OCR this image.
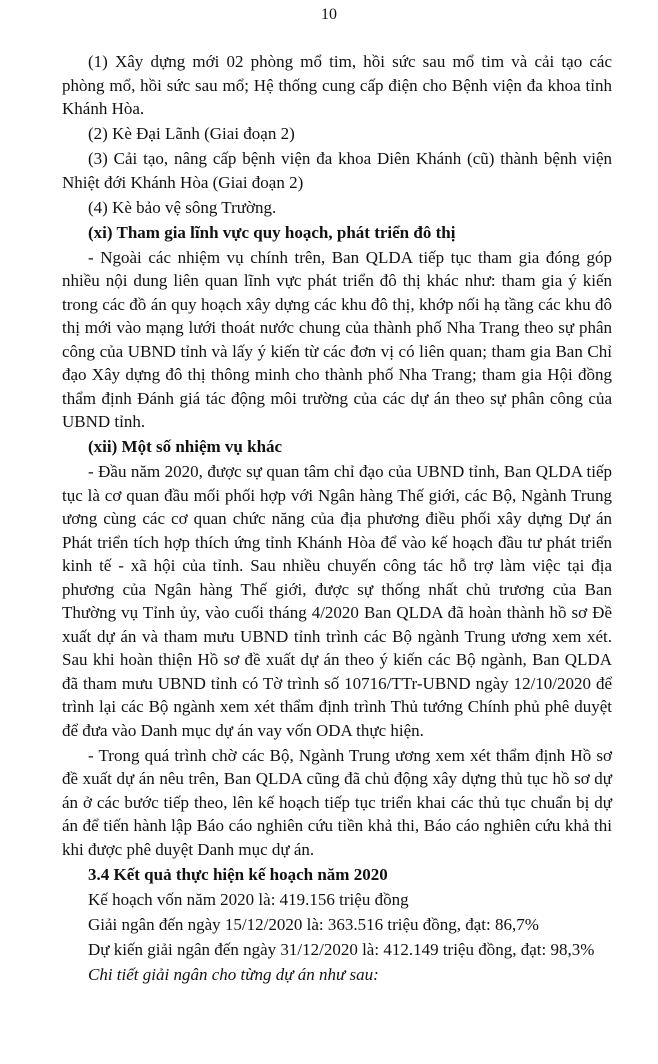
10

(1) Xây dựng mới 02 phòng mổ tim, hồi sức sau mổ tim và cải tạo các phòng mổ, hồi sức sau mổ; Hệ thống cung cấp điện cho Bệnh viện đa khoa tỉnh Khánh Hòa.

(2) Kè Đại Lãnh (Giai đoạn 2)

(3) Cải tạo, nâng cấp bệnh viện đa khoa Diên Khánh (cũ) thành bệnh viện Nhiệt đới Khánh Hòa (Giai đoạn 2)

(4) Kè bảo vệ sông Trường.

(xi) Tham gia lĩnh vực quy hoạch, phát triển đô thị

- Ngoài các nhiệm vụ chính trên, Ban QLDA tiếp tục tham gia đóng góp nhiều nội dung liên quan lĩnh vực phát triển đô thị khác như: tham gia ý kiến trong các đồ án quy hoạch xây dựng các khu đô thị, khớp nối hạ tầng các khu đô thị mới vào mạng lưới thoát nước chung của thành phố Nha Trang theo sự phân công của UBND tỉnh và lấy ý kiến từ các đơn vị có liên quan; tham gia Ban Chỉ đạo Xây dựng đô thị thông minh cho thành phố Nha Trang; tham gia Hội đồng thẩm định Đánh giá tác động môi trường của các dự án theo sự phân công của UBND tỉnh.

(xii) Một số nhiệm vụ khác

- Đầu năm 2020, được sự quan tâm chỉ đạo của UBND tỉnh, Ban QLDA tiếp tục là cơ quan đầu mối phối hợp với Ngân hàng Thế giới, các Bộ, Ngành Trung ương cùng các cơ quan chức năng của địa phương điều phối xây dựng Dự án Phát triển tích hợp thích ứng tỉnh Khánh Hòa để vào kế hoạch đầu tư phát triển kinh tế - xã hội của tỉnh. Sau nhiều chuyến công tác hỗ trợ làm việc tại địa phương của Ngân hàng Thế giới, được sự thống nhất chủ trương của Ban Thường vụ Tỉnh ủy, vào cuối tháng 4/2020 Ban QLDA đã hoàn thành hồ sơ Đề xuất dự án và tham mưu UBND tỉnh trình các Bộ ngành Trung ương xem xét. Sau khi hoàn thiện Hồ sơ đề xuất dự án theo ý kiến các Bộ ngành, Ban QLDA đã tham mưu UBND tỉnh có Tờ trình số 10716/TTr-UBND ngày 12/10/2020 để trình lại các Bộ ngành xem xét thẩm định trình Thủ tướng Chính phủ phê duyệt để đưa vào Danh mục dự án vay vốn ODA thực hiện.

- Trong quá trình chờ các Bộ, Ngành Trung ương xem xét thẩm định Hồ sơ đề xuất dự án nêu trên, Ban QLDA cũng đã chủ động xây dựng thủ tục hồ sơ dự án ở các bước tiếp theo, lên kế hoạch tiếp tục triển khai các thủ tục chuẩn bị dự án để tiến hành lập Báo cáo nghiên cứu tiền khả thi, Báo cáo nghiên cứu khả thi khi được phê duyệt Danh mục dự án.

3.4 Kết quả thực hiện kế hoạch năm 2020

Kế hoạch vốn năm 2020 là: 419.156 triệu đồng

Giải ngân đến ngày 15/12/2020 là: 363.516 triệu đồng, đạt: 86,7%

Dự kiến giải ngân đến ngày 31/12/2020 là: 412.149 triệu đồng, đạt: 98,3%

Chi tiết giải ngân cho từng dự án như sau:
